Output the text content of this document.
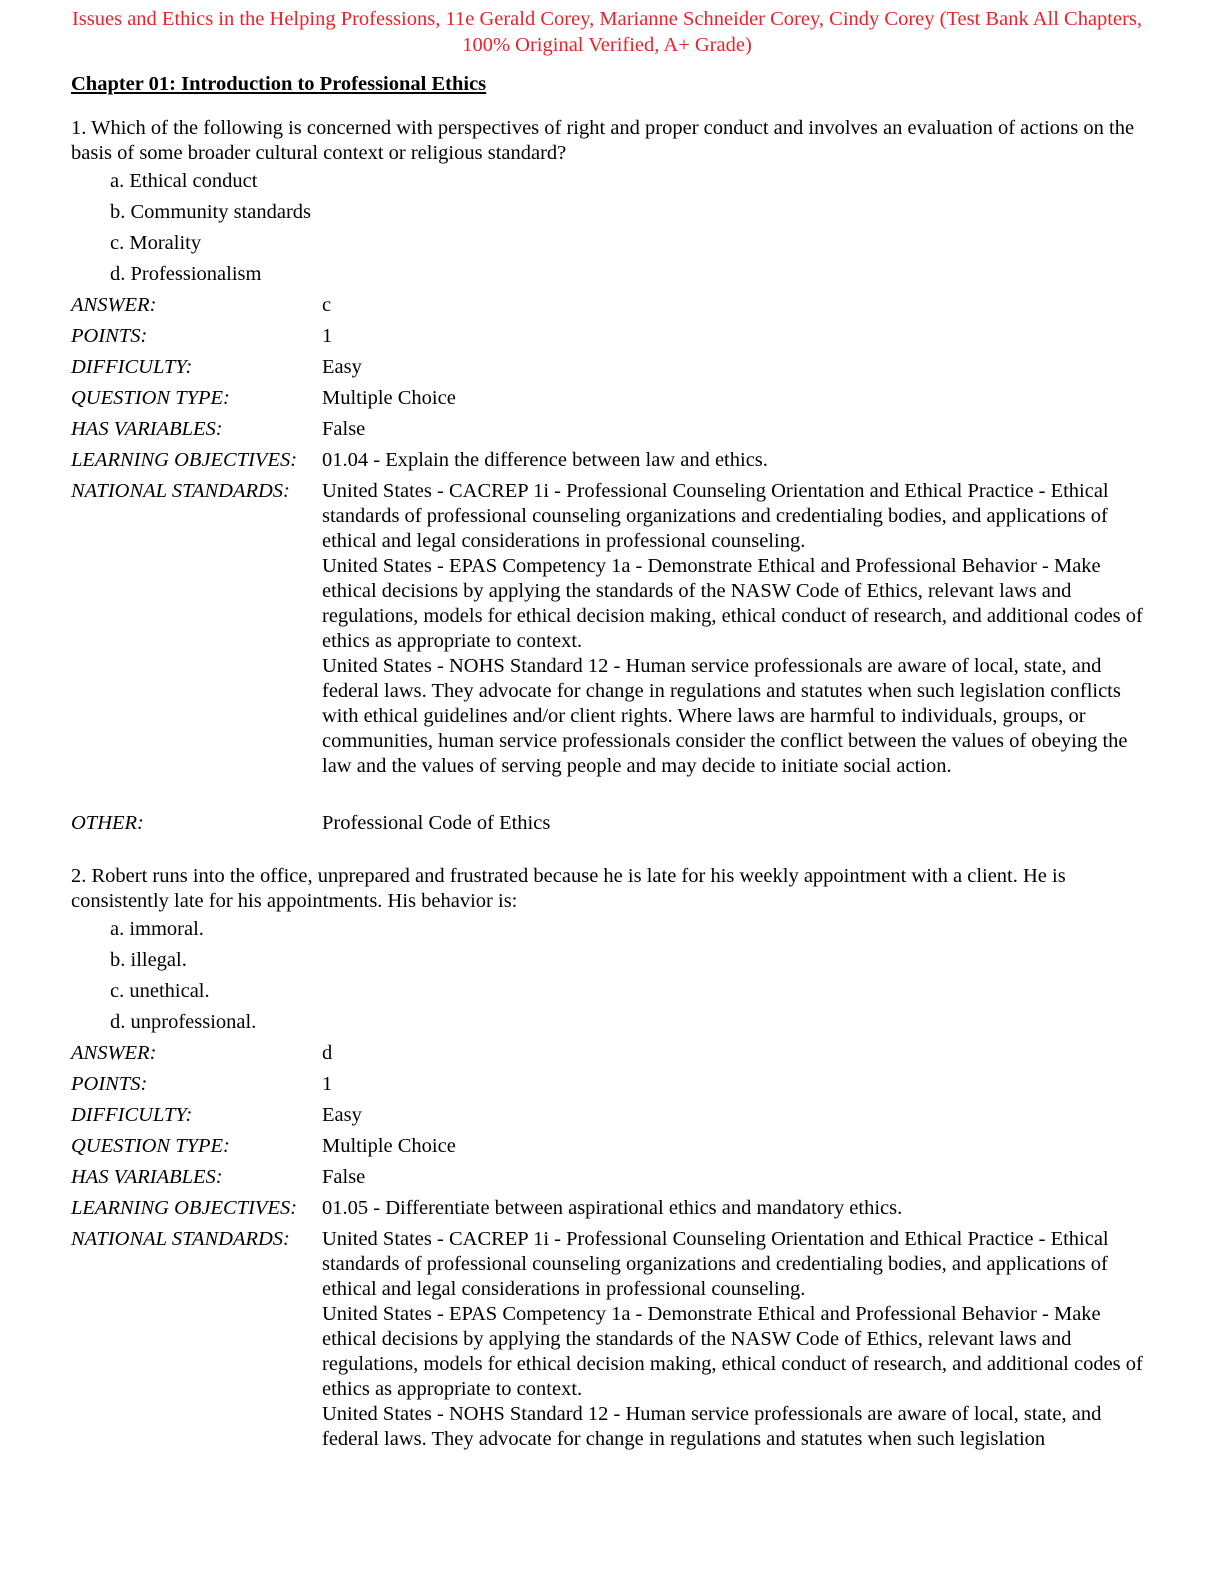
Issues and Ethics in the Helping Professions, 11e Gerald Corey, Marianne Schneider Corey, Cindy Corey (Test Bank All Chapters, 100% Original Verified, A+ Grade)
Chapter 01: Introduction to Professional Ethics
1. Which of the following is concerned with perspectives of right and proper conduct and involves an evaluation of actions on the basis of some broader cultural context or religious standard?
a. Ethical conduct
b. Community standards
c. Morality
d. Professionalism
ANSWER:	c
POINTS:	1
DIFFICULTY:	Easy
QUESTION TYPE:	Multiple Choice
HAS VARIABLES:	False
LEARNING OBJECTIVES: 01.04 - Explain the difference between law and ethics.
NATIONAL STANDARDS: United States - CACREP 1i - Professional Counseling Orientation and Ethical Practice - Ethical standards of professional counseling organizations and credentialing bodies, and applications of ethical and legal considerations in professional counseling.

United States - EPAS Competency 1a - Demonstrate Ethical and Professional Behavior - Make ethical decisions by applying the standards of the NASW Code of Ethics, relevant laws and regulations, models for ethical decision making, ethical conduct of research, and additional codes of ethics as appropriate to context.

United States - NOHS Standard 12 - Human service professionals are aware of local, state, and federal laws. They advocate for change in regulations and statutes when such legislation conflicts with ethical guidelines and/or client rights. Where laws are harmful to individuals, groups, or communities, human service professionals consider the conflict between the values of obeying the law and the values of serving people and may decide to initiate social action.

OTHER:	Professional Code of Ethics
2. Robert runs into the office, unprepared and frustrated because he is late for his weekly appointment with a client. He is consistently late for his appointments. His behavior is:
a. immoral.
b. illegal.
c. unethical.
d. unprofessional.
ANSWER:	d
POINTS:	1
DIFFICULTY:	Easy
QUESTION TYPE:	Multiple Choice
HAS VARIABLES:	False
LEARNING OBJECTIVES: 01.05 - Differentiate between aspirational ethics and mandatory ethics.
NATIONAL STANDARDS: United States - CACREP 1i - Professional Counseling Orientation and Ethical Practice - Ethical standards of professional counseling organizations and credentialing bodies, and applications of ethical and legal considerations in professional counseling.

United States - EPAS Competency 1a - Demonstrate Ethical and Professional Behavior - Make ethical decisions by applying the standards of the NASW Code of Ethics, relevant laws and regulations, models for ethical decision making, ethical conduct of research, and additional codes of ethics as appropriate to context.

United States - NOHS Standard 12 - Human service professionals are aware of local, state, and federal laws. They advocate for change in regulations and statutes when such legislation
